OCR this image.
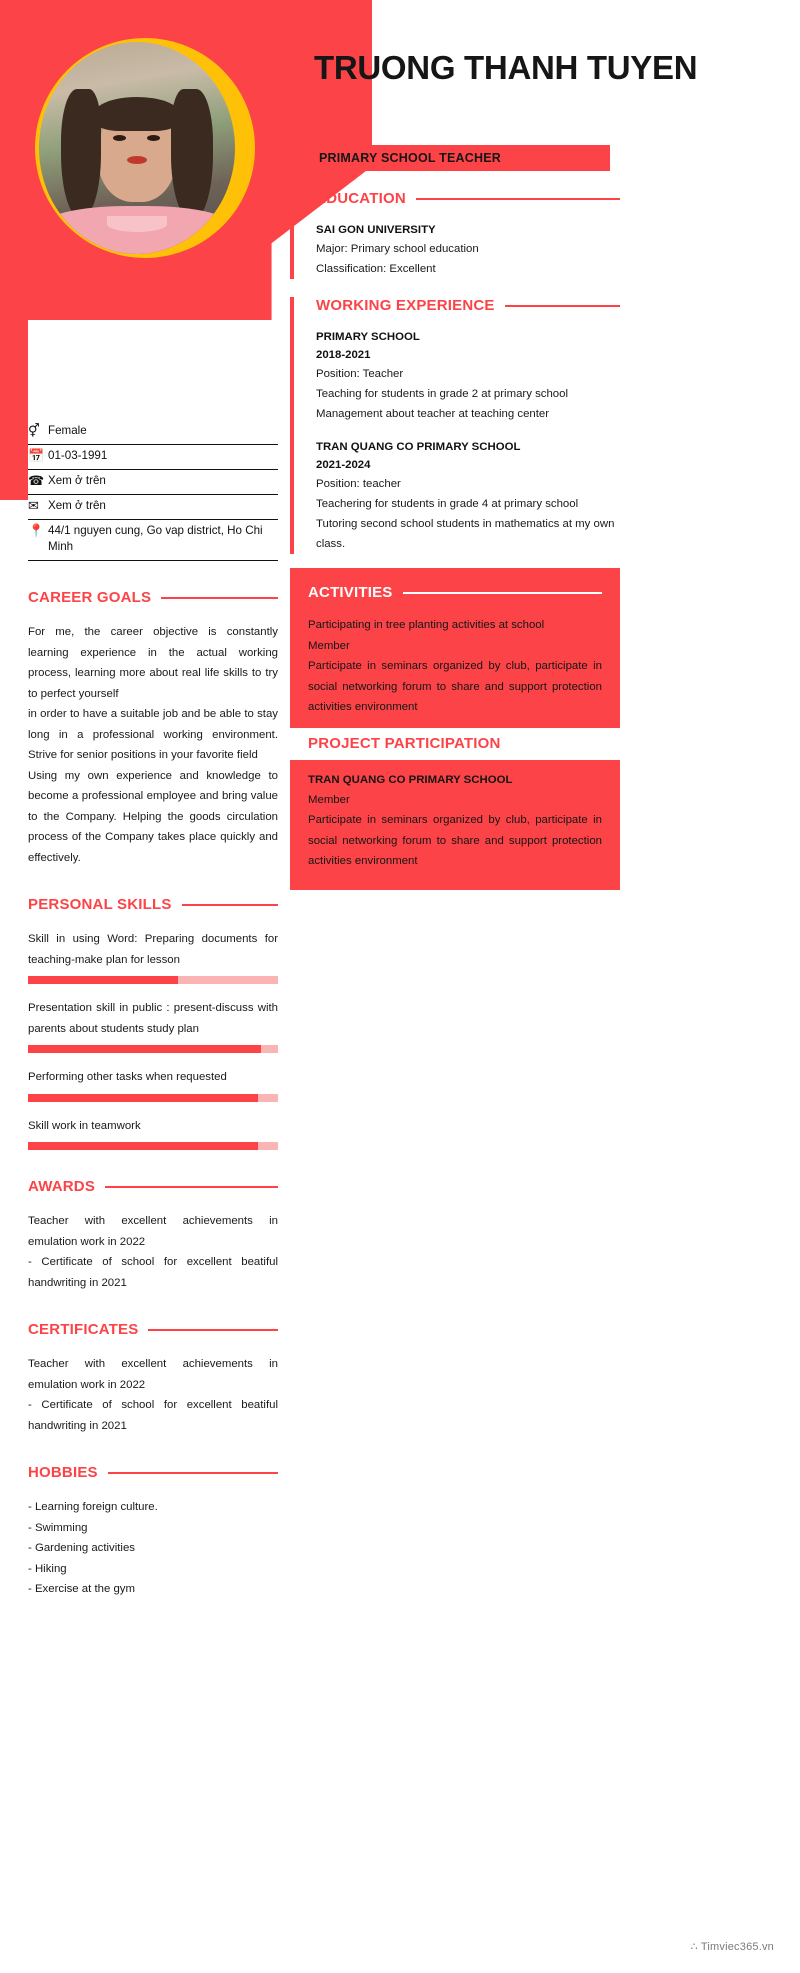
TRUONG THANH TUYEN
PRIMARY SCHOOL TEACHER
⚥ Female
📅 01-03-1991
☎ Xem ở trên
✉ Xem ở trên
📍 44/1 nguyen cung, Go vap district, Ho Chi Minh
CAREER GOALS

For me, the career objective is constantly learning experience in the actual working process, learning more about real life skills to try to perfect yourself

in order to have a suitable job and be able to stay long in a professional working environment. Strive for senior positions in your favorite field

Using my own experience and knowledge to become a professional employee and bring value to the Company. Helping the goods circulation process of the Company takes place quickly and effectively.

PERSONAL SKILLS
Skill in using Word: Preparing documents for teaching-make plan for lesson
Presentation skill in public : present-discuss with parents about students study plan
Performing other tasks when requested
Skill work in teamwork
AWARDS

Teacher with excellent achievements in emulation work in 2022

- Certificate of school for excellent beatiful handwriting in 2021

CERTIFICATES

Teacher with excellent achievements in emulation work in 2022

- Certificate of school for excellent beatiful handwriting in 2021

HOBBIES
- Learning foreign culture.
- Swimming
- Gardening activities
- Hiking
- Exercise at the gym
EDUCATION
SAI GON UNIVERSITY
Major: Primary school education
Classification: Excellent
WORKING EXPERIENCE
PRIMARY SCHOOL
2018-2021
Position: Teacher
Teaching for students in grade 2 at primary school
Management about teacher at teaching center
TRAN QUANG CO PRIMARY SCHOOL
2021-2024
Position: teacher
Teachering for students in grade 4 at primary school
Tutoring second school students in mathematics at my own class.
ACTIVITIES

Participating in tree planting activities at school

Member

Participate in seminars organized by club, participate in social networking forum to share and support protection activities environment

PROJECT PARTICIPATION
TRAN QUANG CO PRIMARY SCHOOL

Member

Participate in seminars organized by club, participate in social networking forum to share and support protection activities environment

∴ Timviec365.vn
